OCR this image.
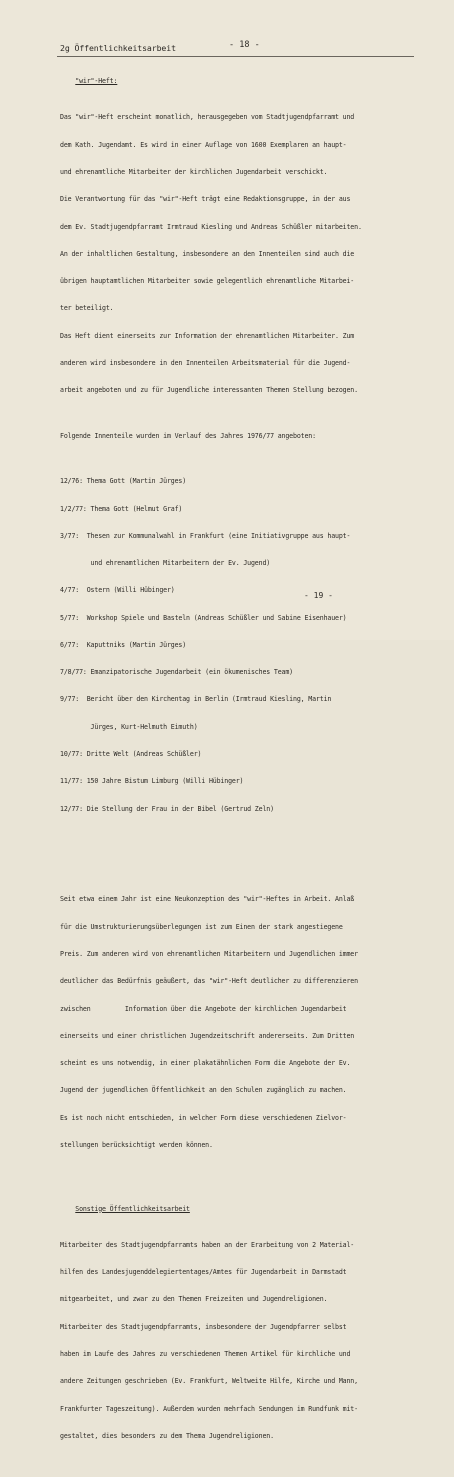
2g Öffentlichkeitsarbeit	- 18 -

"wir"-Heft:

Das "wir"-Heft erscheint monatlich, herausgegeben vom Stadtjugendpfarramt und

dem Kath. Jugendamt. Es wird in einer Auflage von 1600 Exemplaren an haupt-

und ehrenamtliche Mitarbeiter der kirchlichen Jugendarbeit verschickt.

Die Verantwortung für das "wir"-Heft trägt eine Redaktionsgruppe, in der aus

dem Ev. Stadtjugendpfarramt Irmtraud Kiesling und Andreas Schüßler mitarbeiten.

An der inhaltlichen Gestaltung, insbesondere an den Innenteilen sind auch die

übrigen hauptamtlichen Mitarbeiter sowie gelegentlich ehrenamtliche Mitarbei-

ter beteiligt.

Das Heft dient einerseits zur Information der ehrenamtlichen Mitarbeiter. Zum

anderen wird insbesondere in den Innenteilen Arbeitsmaterial für die Jugend-

arbeit angeboten und zu für Jugendliche interessanten Themen Stellung bezogen.

Folgende Innenteile wurden im Verlauf des Jahres 1976/77 angeboten:

12/76: Thema Gott (Martin Jürges)

1/2/77: Thema Gott (Helmut Graf)

3/77:  Thesen zur Kommunalwahl in Frankfurt (eine Initiativgruppe aus haupt-

und ehrenamtlichen Mitarbeitern der Ev. Jugend)

4/77:  Ostern (Willi Hübinger)

5/77:  Workshop Spiele und Basteln (Andreas Schüßler und Sabine Eisenhauer)

6/77:  Kaputtniks (Martin Jürges)

7/8/77: Emanzipatorische Jugendarbeit (ein ökumenisches Team)

9/77:  Bericht über den Kirchentag in Berlin (Irmtraud Kiesling, Martin

Jürges, Kurt-Helmuth Eimuth)

10/77: Dritte Welt (Andreas Schüßler)

11/77: 150 Jahre Bistum Limburg (Willi Hübinger)

12/77: Die Stellung der Frau in der Bibel (Gertrud Zeln)

Seit etwa einem Jahr ist eine Neukonzeption des "wir"-Heftes in Arbeit. Anlaß

für die Umstrukturierungsüberlegungen ist zum Einen der stark angestiegene

Preis. Zum anderen wird von ehrenamtlichen Mitarbeitern und Jugendlichen immer

deutlicher das Bedürfnis geäußert, das "wir"-Heft deutlicher zu differenzieren

zwischen         Information über die Angebote der kirchlichen Jugendarbeit

einerseits und einer christlichen Jugendzeitschrift andererseits. Zum Dritten

scheint es uns notwendig, in einer plakatähnlichen Form die Angebote der Ev.

Jugend der jugendlichen Öffentlichkeit an den Schulen zugänglich zu machen.

Es ist noch nicht entschieden, in welcher Form diese verschiedenen Zielvor-

stellungen berücksichtigt werden können.

Sonstige Öffentlichkeitsarbeit

Mitarbeiter des Stadtjugendpfarramts haben an der Erarbeitung von 2 Material-

hilfen des Landesjugenddelegiertentages/Amtes für Jugendarbeit in Darmstadt

mitgearbeitet, und zwar zu den Themen Freizeiten und Jugendreligionen.

Mitarbeiter des Stadtjugendpfarramts, insbesondere der Jugendpfarrer selbst

haben im Laufe des Jahres zu verschiedenen Themen Artikel für kirchliche und

andere Zeitungen geschrieben (Ev. Frankfurt, Weltweite Hilfe, Kirche und Mann,

Frankfurter Tageszeitung). Außerdem wurden mehrfach Sendungen im Rundfunk mit-

gestaltet, dies besonders zu dem Thema Jugendreligionen.

- 19 -
